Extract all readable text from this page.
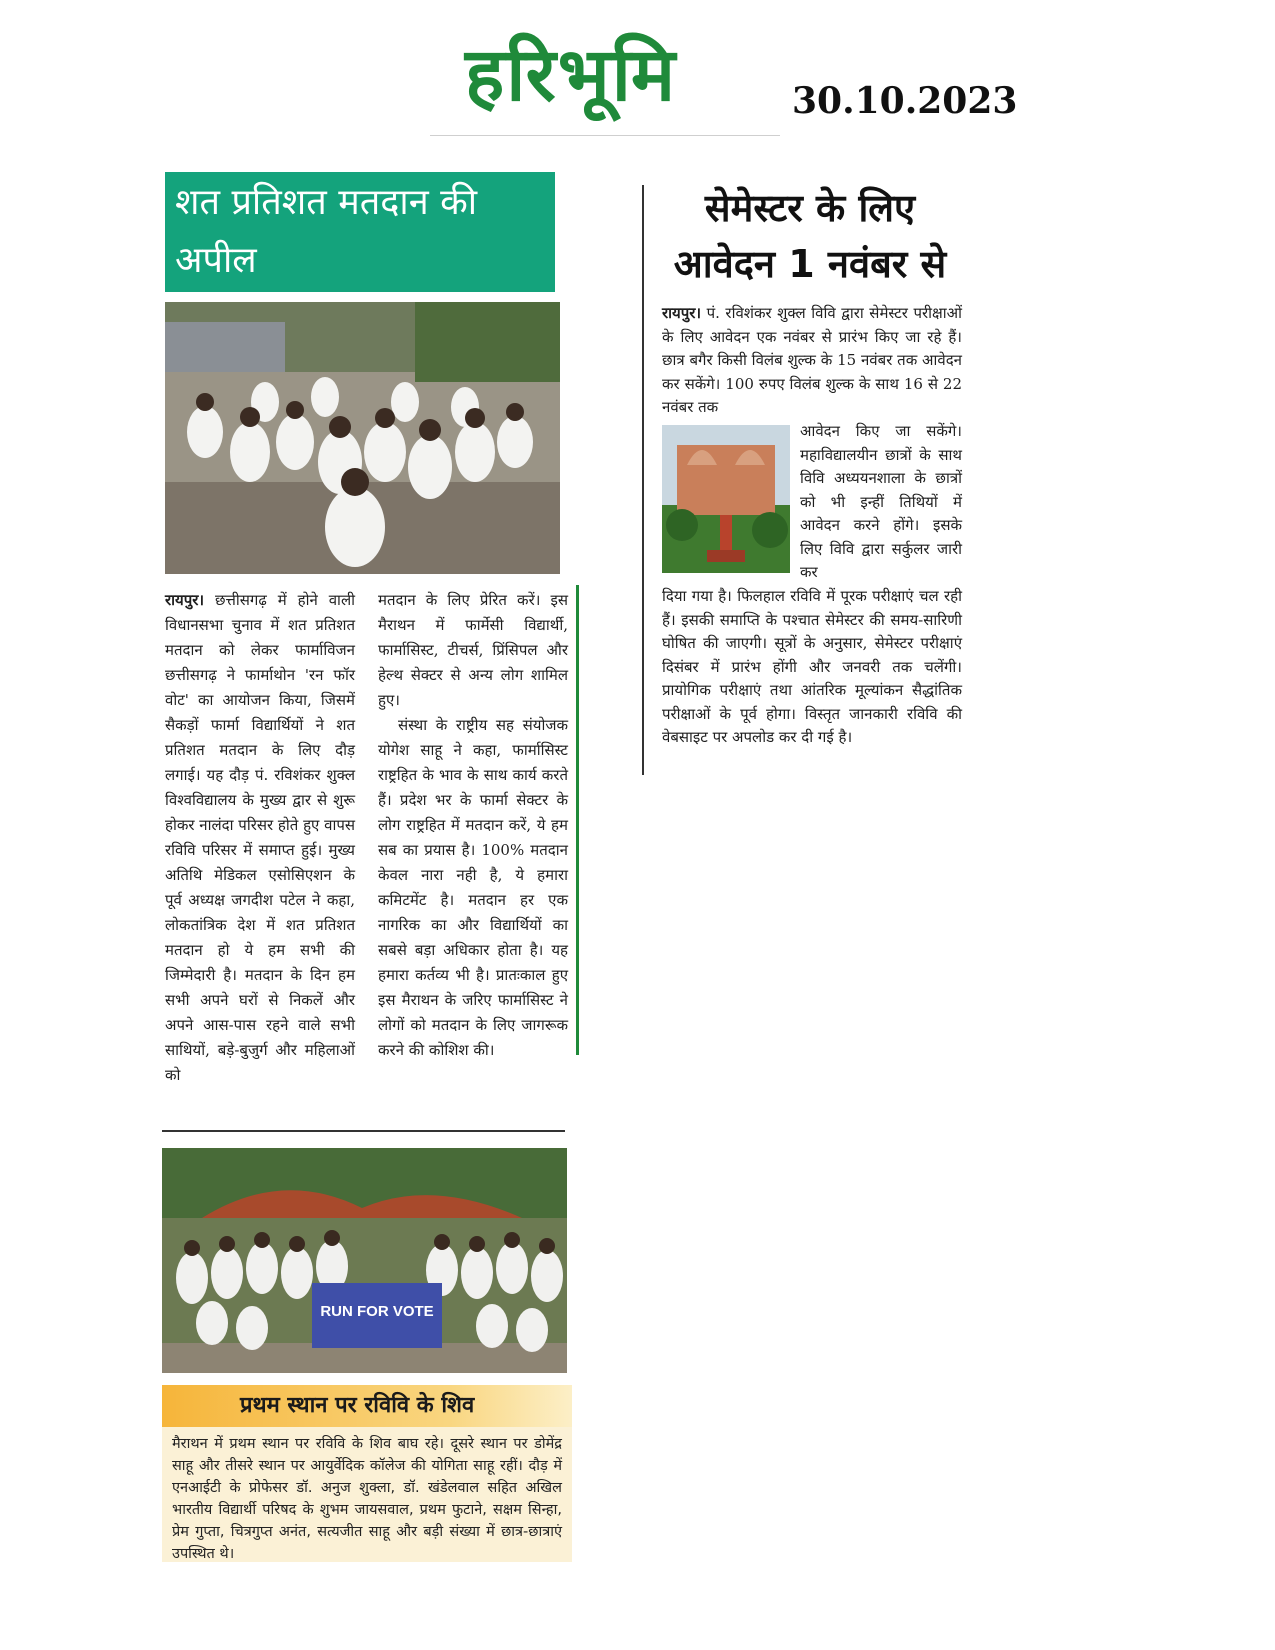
हरिभूमि	30.10.2023
शत प्रतिशत मतदान की अपील

रायपुर। छत्तीसगढ़ में होने वाली विधानसभा चुनाव में शत प्रतिशत मतदान को लेकर फार्माविजन छत्तीसगढ़ ने फार्माथोन 'रन फॉर वोट' का आयोजन किया, जिसमें सैकड़ों फार्मा विद्यार्थियों ने शत प्रतिशत मतदान के लिए दौड़ लगाई। यह दौड़ पं. रविशंकर शुक्ल विश्वविद्यालय के मुख्य द्वार से शुरू होकर नालंदा परिसर होते हुए वापस रविवि परिसर में समाप्त हुई। मुख्य अतिथि मेडिकल एसोसिएशन के पूर्व अध्यक्ष जगदीश पटेल ने कहा, लोकतांत्रिक देश में शत प्रतिशत मतदान हो ये हम सभी की जिम्मेदारी है। मतदान के दिन हम सभी अपने घरों से निकलें और अपने आस-पास रहने वाले सभी साथियों, बड़े-बुजुर्ग और महिलाओं को

मतदान के लिए प्रेरित करें। इस मैराथन में फार्मेसी विद्यार्थी, फार्मासिस्ट, टीचर्स, प्रिंसिपल और हेल्थ सेक्टर से अन्य लोग शामिल हुए।

संस्था के राष्ट्रीय सह संयोजक योगेश साहू ने कहा, फार्मासिस्ट राष्ट्रहित के भाव के साथ कार्य करते हैं। प्रदेश भर के फार्मा सेक्टर के लोग राष्ट्रहित में मतदान करें, ये हम सब का प्रयास है। 100% मतदान केवल नारा नही है, ये हमारा कमिटमेंट है। मतदान हर एक नागरिक का और विद्यार्थियों का सबसे बड़ा अधिकार होता है। यह हमारा कर्तव्य भी है। प्रातःकाल हुए इस मैराथन के जरिए फार्मासिस्ट ने लोगों को मतदान के लिए जागरूक करने की कोशिश की।

RUN FOR VOTE
प्रथम स्थान पर रविवि के शिव
मैराथन में प्रथम स्थान पर रविवि के शिव बाघ रहे। दूसरे स्थान पर डोमेंद्र साहू और तीसरे स्थान पर आयुर्वेदिक कॉलेज की योगिता साहू रहीं। दौड़ में एनआईटी के प्रोफेसर डॉ. अनुज शुक्ला, डॉ. खंडेलवाल सहित अखिल भारतीय विद्यार्थी परिषद के शुभम जायसवाल, प्रथम फुटाने, सक्षम सिन्हा, प्रेम गुप्ता, चित्रगुप्त अनंत, सत्यजीत साहू और बड़ी संख्या में छात्र-छात्राएं उपस्थित थे।
सेमेस्टर के लिए
आवेदन 1 नवंबर से

रायपुर। पं. रविशंकर शुक्ल विवि द्वारा सेमेस्टर परीक्षाओं के लिए आवेदन एक नवंबर से प्रारंभ किए जा रहे हैं। छात्र बगैर किसी विलंब शुल्क के 15 नवंबर तक आवेदन कर सकेंगे। 100 रुपए विलंब शुल्क के साथ 16 से 22 नवंबर तक

आवेदन किए जा सकेंगे। महाविद्यालयीन छात्रों के साथ विवि अध्ययनशाला के छात्रों को भी इन्हीं तिथियों में आवेदन करने होंगे। इसके लिए विवि द्वारा सर्कुलर जारी कर

दिया गया है। फिलहाल रविवि में पूरक परीक्षाएं चल रही हैं। इसकी समाप्ति के पश्चात सेमेस्टर की समय-सारिणी घोषित की जाएगी। सूत्रों के अनुसार, सेमेस्टर परीक्षाएं दिसंबर में प्रारंभ होंगी और जनवरी तक चलेंगी। प्रायोगिक परीक्षाएं तथा आंतरिक मूल्यांकन सैद्धांतिक परीक्षाओं के पूर्व होगा। विस्तृत जानकारी रविवि की वेबसाइट पर अपलोड कर दी गई है।
